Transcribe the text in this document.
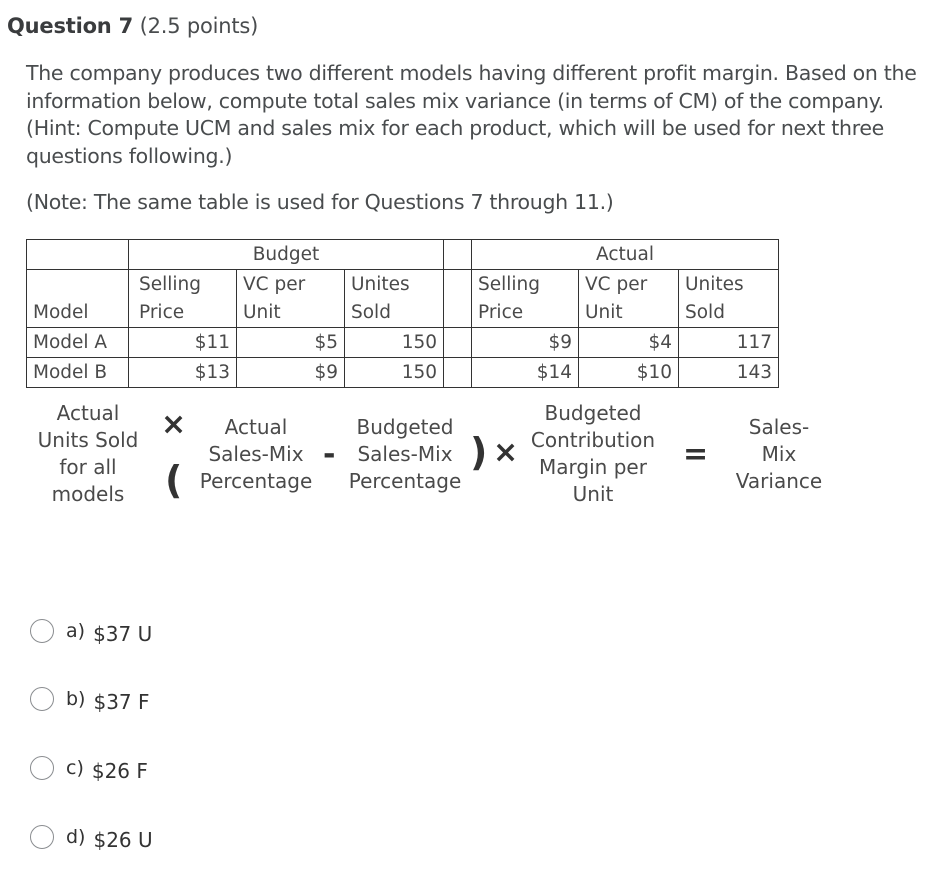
Question 7 (2.5 points)
The company produces two different models having different profit margin. Based on the information below, compute total sales mix variance (in terms of CM) of the company. (Hint: Compute UCM and sales mix for each product, which will be used for next three questions following.)
(Note: The same table is used for Questions 7 through 11.)
	Budget				Actual		
	Selling	VC per	Unites		Selling	VC per	Unites
Model	Price	Unit	Sold		Price	Unit	Sold
Model A	$11	$5	150		$9	$4	117
Model B	$13	$9	150		$14	$10	143
Actual
Units Sold
for all
models
×
(
Actual
Sales-Mix
Percentage
-
Budgeted
Sales-Mix
Percentage
) ×
Budgeted
Contribution
Margin per
Unit
=
Sales-
Mix
Variance
a) $37 U
b) $37 F
c) $26 F
d) $26 U
